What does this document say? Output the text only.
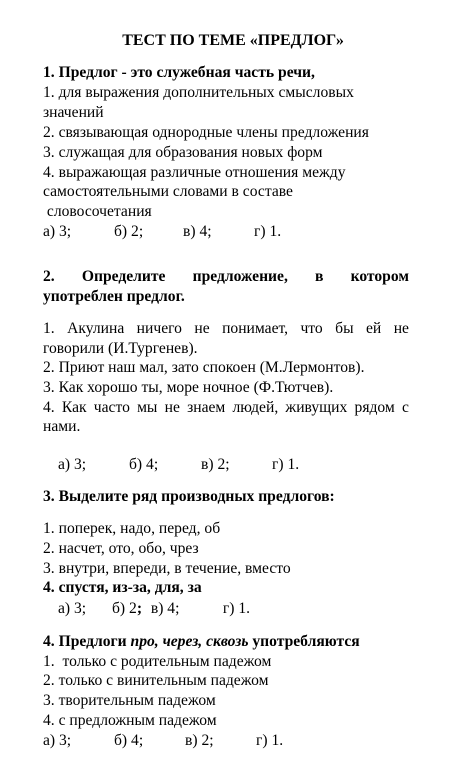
ТЕСТ ПО ТЕМЕ «ПРЕДЛОГ»
1. Предлог - это служебная часть речи,
1. для выражения дополнительных смысловых
значений
2. связывающая однородные члены предложения
3. служащая для образования новых форм
4. выражающая различные отношения между
самостоятельными словами в составе
словосочетания
а) 3;	б) 2;	в) 4;	г) 1.
2. Определите предложение, в котором
употреблен предлог.
1. Акулина ничего не понимает, что бы ей не
говорили (И.Тургенев).
2. Приют наш мал, зато спокоен (М.Лермонтов).
3. Как хорошо ты, море ночное (Ф.Тютчев).
4. Как часто мы не знаем людей, живущих рядом с
нами.
а) 3;	б) 4;	в) 2;	г) 1.
3. Выделите ряд производных предлогов:
1. поперек, надо, перед, об
2. насчет, ото, обо, чрез
3. внутри, впереди, в течение, вместо
4. спустя, из-за, для, за
а) 3;	б) 2 ; в) 4;	г) 1.
4. Предлоги про, через, сквозь употребляются
1.  только с родительным падежом
2. только с винительным падежом
3. творительным падежом
4. с предложным падежом
а) 3;	б) 4;	в) 2;	г) 1.
